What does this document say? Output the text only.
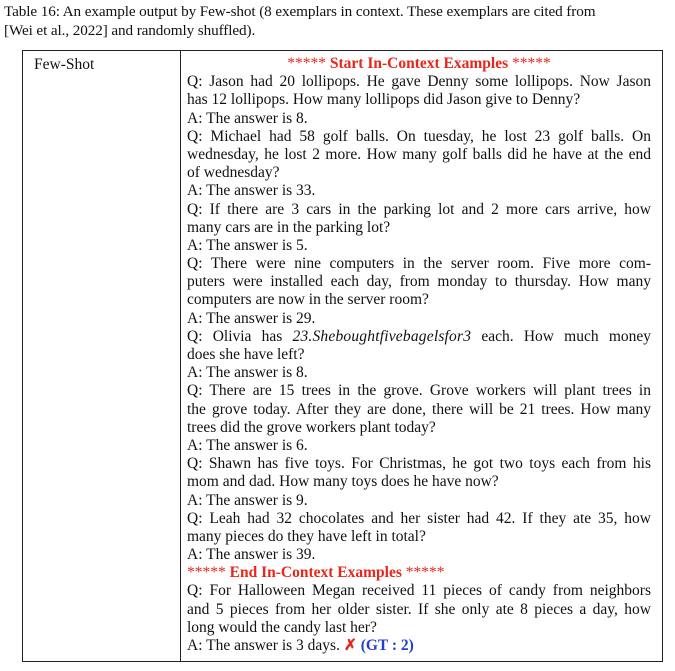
Table 16: An example output by Few-shot (8 exemplars in context. These exemplars are cited from
[Wei et al., 2022] and randomly shuffled).
Few-Shot	***** Start In-Context Examples *****
Q: Jason had 20 lollipops. He gave Denny some lollipops. Now Jason
has 12 lollipops. How many lollipops did Jason give to Denny?
A: The answer is 8.
Q: Michael had 58 golf balls. On tuesday, he lost 23 golf balls. On
wednesday, he lost 2 more. How many golf balls did he have at the end
of wednesday?
A: The answer is 33.
Q: If there are 3 cars in the parking lot and 2 more cars arrive, how
many cars are in the parking lot?
A: The answer is 5.
Q: There were nine computers in the server room. Five more com-
puters were installed each day, from monday to thursday. How many
computers are now in the server room?
A: The answer is 29.
Q: Olivia has 23.Sheboughtfivebagelsfor3 each. How much money
does she have left?
A: The answer is 8.
Q: There are 15 trees in the grove. Grove workers will plant trees in
the grove today. After they are done, there will be 21 trees. How many
trees did the grove workers plant today?
A: The answer is 6.
Q: Shawn has five toys. For Christmas, he got two toys each from his
mom and dad. How many toys does he have now?
A: The answer is 9.
Q: Leah had 32 chocolates and her sister had 42. If they ate 35, how
many pieces do they have left in total?
A: The answer is 39.
***** End In-Context Examples *****
Q: For Halloween Megan received 11 pieces of candy from neighbors
and 5 pieces from her older sister. If she only ate 8 pieces a day, how
long would the candy last her?
A: The answer is 3 days. ✗ (GT : 2)
